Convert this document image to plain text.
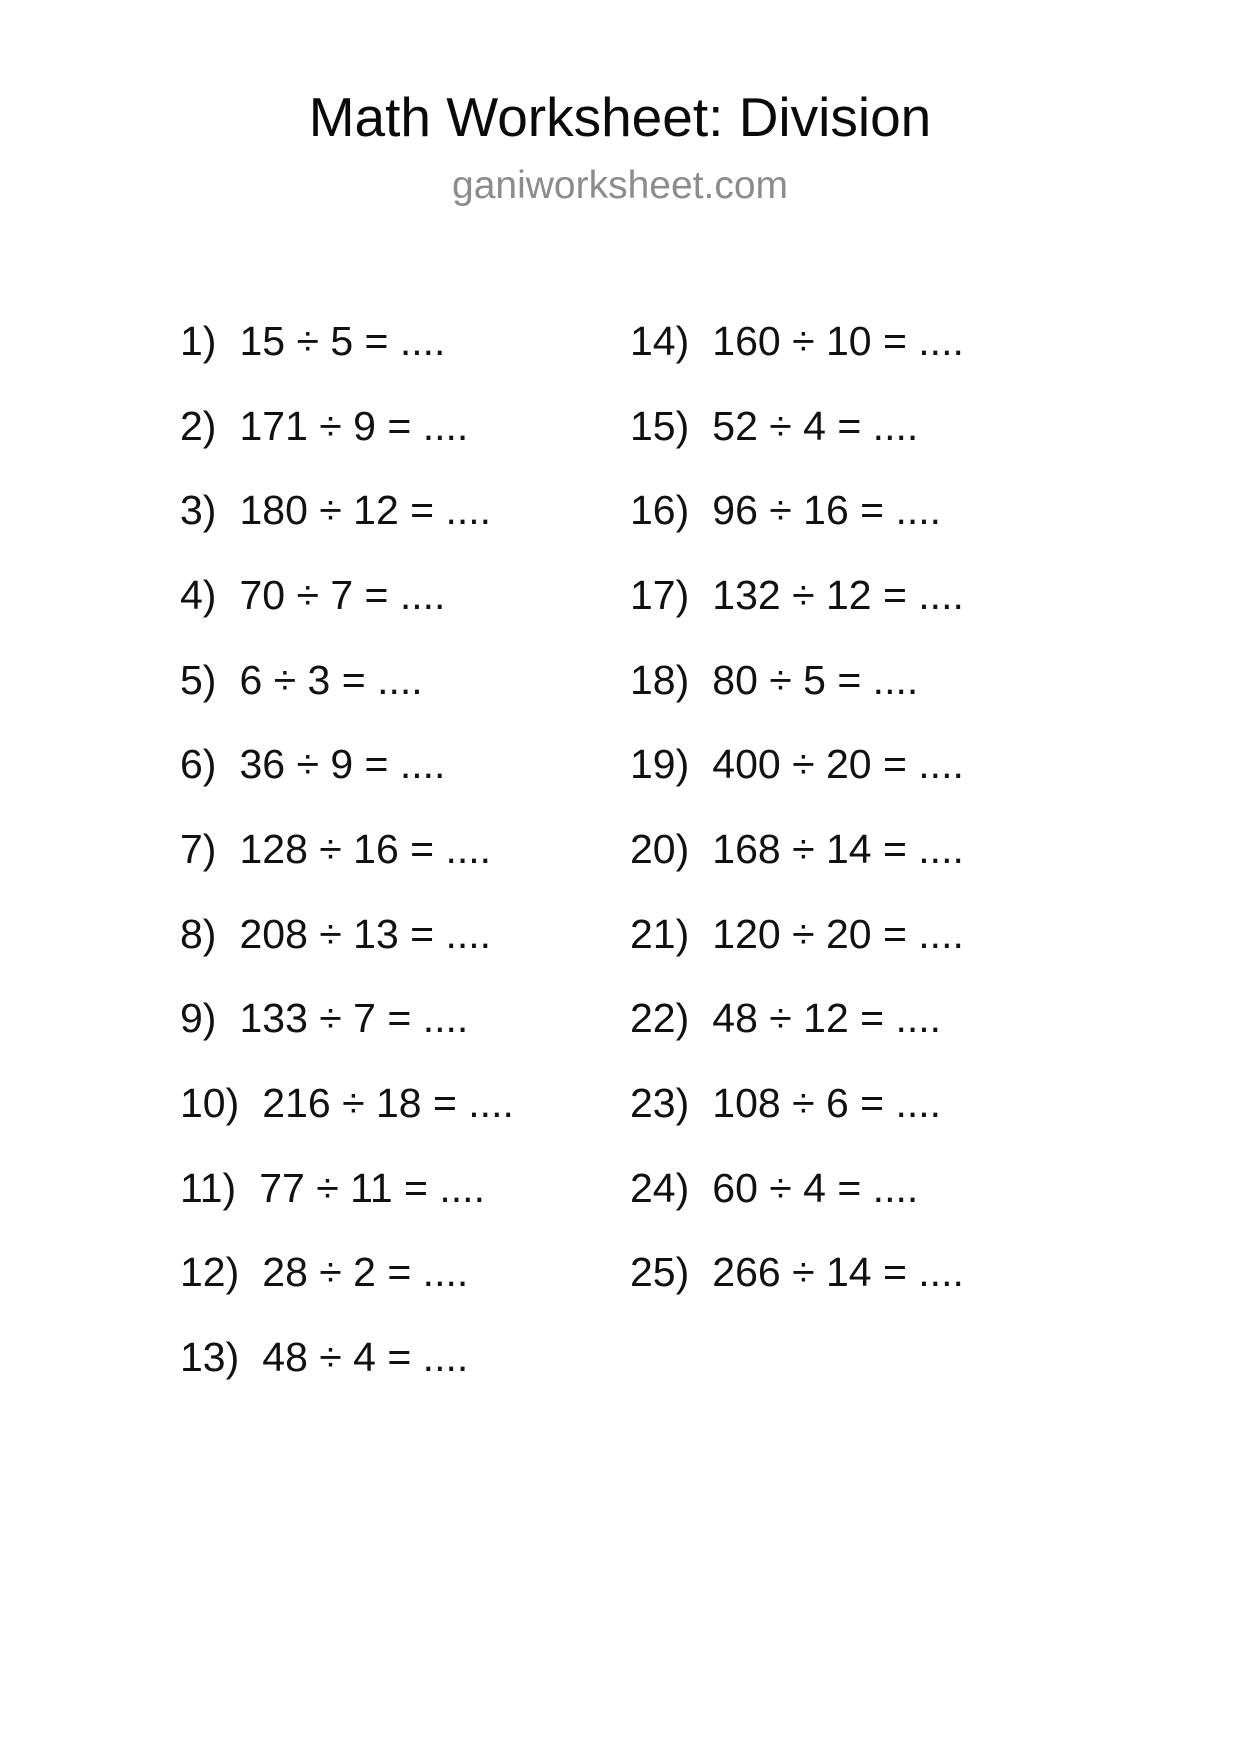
Math Worksheet: Division
ganiworksheet.com
1) 15 ÷ 5 = ....
2) 171 ÷ 9 = ....
3) 180 ÷ 12 = ....
4) 70 ÷ 7 = ....
5) 6 ÷ 3 = ....
6) 36 ÷ 9 = ....
7) 128 ÷ 16 = ....
8) 208 ÷ 13 = ....
9) 133 ÷ 7 = ....
10) 216 ÷ 18 = ....
11) 77 ÷ 11 = ....
12) 28 ÷ 2 = ....
13) 48 ÷ 4 = ....
14) 160 ÷ 10 = ....
15) 52 ÷ 4 = ....
16) 96 ÷ 16 = ....
17) 132 ÷ 12 = ....
18) 80 ÷ 5 = ....
19) 400 ÷ 20 = ....
20) 168 ÷ 14 = ....
21) 120 ÷ 20 = ....
22) 48 ÷ 12 = ....
23) 108 ÷ 6 = ....
24) 60 ÷ 4 = ....
25) 266 ÷ 14 = ....
